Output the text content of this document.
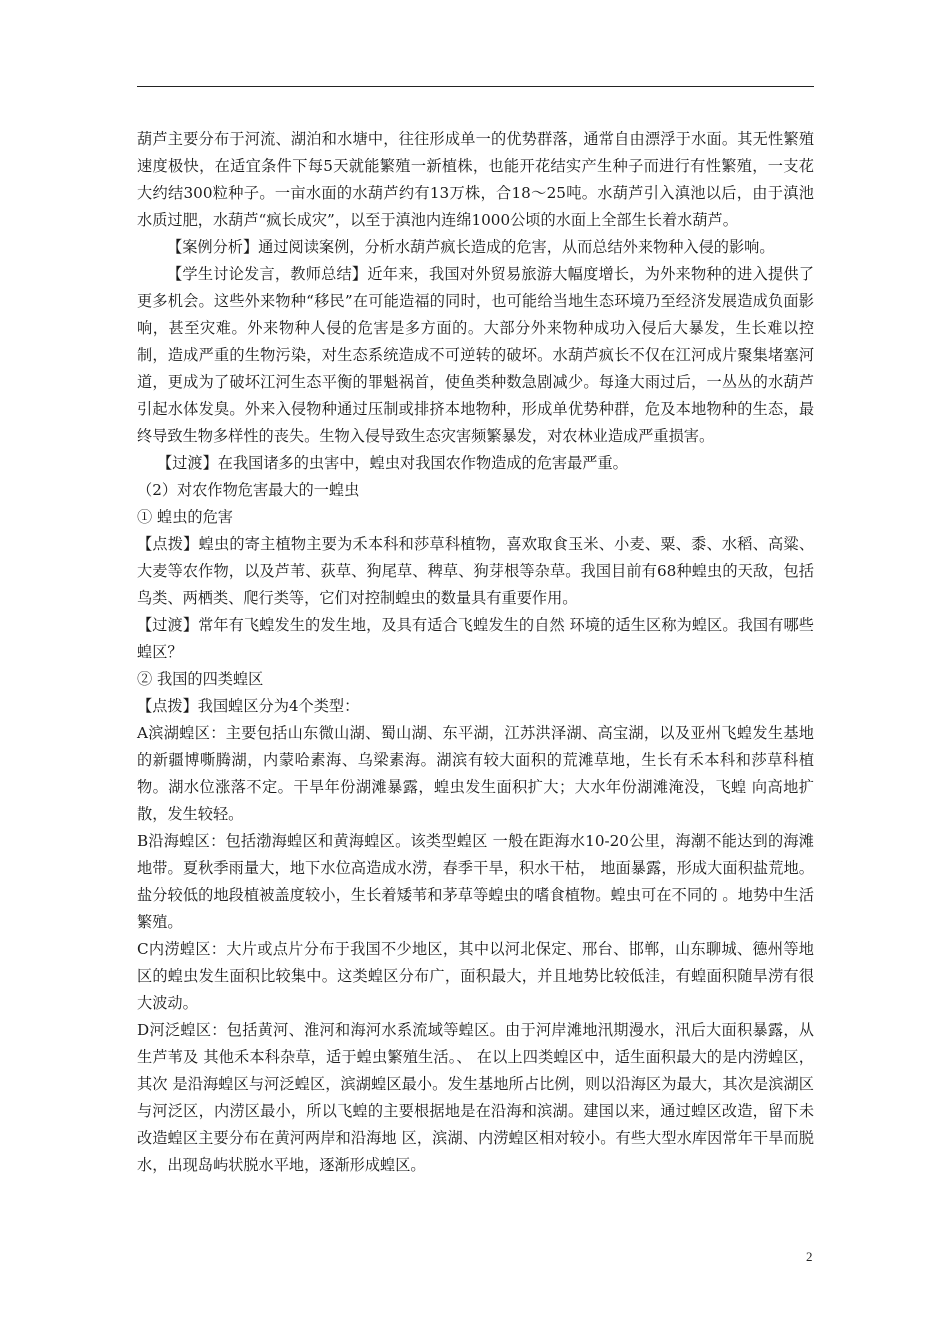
葫芦主要分布于河流、湖泊和水塘中，往往形成单一的优势群落，通常自由漂浮于水面。其无性繁殖速度极快，在适宜条件下每5天就能繁殖一新植株，也能开花结实产生种子而进行有性繁殖，一支花大约结300粒种子。一亩水面的水葫芦约有13万株，合18～25吨。水葫芦引入滇池以后，由于滇池水质过肥，水葫芦“疯长成灾”，以至于滇池内连绵1000公顷的水面上全部生长着水葫芦。

【案例分析】通过阅读案例，分析水葫芦疯长造成的危害，从而总结外来物种入侵的影响。

【学生讨论发言，教师总结】近年来，我国对外贸易旅游大幅度增长，为外来物种的进入提供了更多机会。这些外来物种“移民”在可能造福的同时，也可能给当地生态环境乃至经济发展造成负面影响，甚至灾难。外来物种人侵的危害是多方面的。大部分外来物种成功入侵后大暴发，生长难以控制，造成严重的生物污染，对生态系统造成不可逆转的破坏。水葫芦疯长不仅在江河成片聚集堵塞河道，更成为了破坏江河生态平衡的罪魁祸首，使鱼类种数急剧减少。每逢大雨过后，一丛丛的水葫芦引起水体发臭。外来入侵物种通过压制或排挤本地物种，形成单优势种群，危及本地物种的生态，最终导致生物多样性的丧失。生物入侵导致生态灾害频繁暴发，对农林业造成严重损害。

【过渡】在我国诸多的虫害中，蝗虫对我国农作物造成的危害最严重。

（2）对农作物危害最大的一蝗虫

① 蝗虫的危害

【点拨】蝗虫的寄主植物主要为禾本科和莎草科植物，喜欢取食玉米、小麦、粟、黍、水稻、高粱、大麦等农作物，以及芦苇、荻草、狗尾草、稗草、狗芽根等杂草。我国目前有68种蝗虫的天敌，包括鸟类、两栖类、爬行类等，它们对控制蝗虫的数量具有重要作用。

【过渡】常年有飞蝗发生的发生地，及具有适合飞蝗发生的自然 环境的适生区称为蝗区。我国有哪些蝗区？

② 我国的四类蝗区

【点拨】我国蝗区分为4个类型：

A滨湖蝗区：主要包括山东微山湖、蜀山湖、东平湖，江苏洪泽湖、高宝湖，以及亚州飞蝗发生基地的新疆博嘶腾湖，内蒙哈素海、乌梁素海。湖滨有较大面积的荒滩草地，生长有禾本科和莎草科植物。湖水位涨落不定。干旱年份湖滩暴露，蝗虫发生面积扩大；大水年份湖滩淹没，飞蝗 向高地扩散，发生较轻。

B沿海蝗区：包括渤海蝗区和黄海蝗区。该类型蝗区 一般在距海水10-20公里，海潮不能达到的海滩地带。夏秋季雨量大，地下水位高造成水涝，春季干旱，积水干枯， 地面暴露，形成大面积盐荒地。盐分较低的地段植被盖度较小，生长着矮苇和茅草等蝗虫的嗜食植物。蝗虫可在不同的 。地势中生活繁殖。

C内涝蝗区：大片或点片分布于我国不少地区，其中以河北保定、邢台、邯郸，山东聊城、德州等地区的蝗虫发生面积比较集中。这类蝗区分布广，面积最大，并且地势比较低洼，有蝗面积随旱涝有很大波动。

D河泛蝗区：包括黄河、淮河和海河水系流域等蝗区。由于河岸滩地汛期漫水，汛后大面积暴露，从生芦苇及 其他禾本科杂草，适于蝗虫繁殖生活。、 在以上四类蝗区中，适生面积最大的是内涝蝗区，其次 是沿海蝗区与河泛蝗区，滨湖蝗区最小。发生基地所占比例，则以沿海区为最大，其次是滨湖区与河泛区，内涝区最小，所以飞蝗的主要根据地是在沿海和滨湖。建国以来，通过蝗区改造，留下未改造蝗区主要分布在黄河两岸和沿海地 区，滨湖、内涝蝗区相对较小。有些大型水库因常年干旱而脱水，出现岛屿状脱水平地，逐渐形成蝗区。

2
